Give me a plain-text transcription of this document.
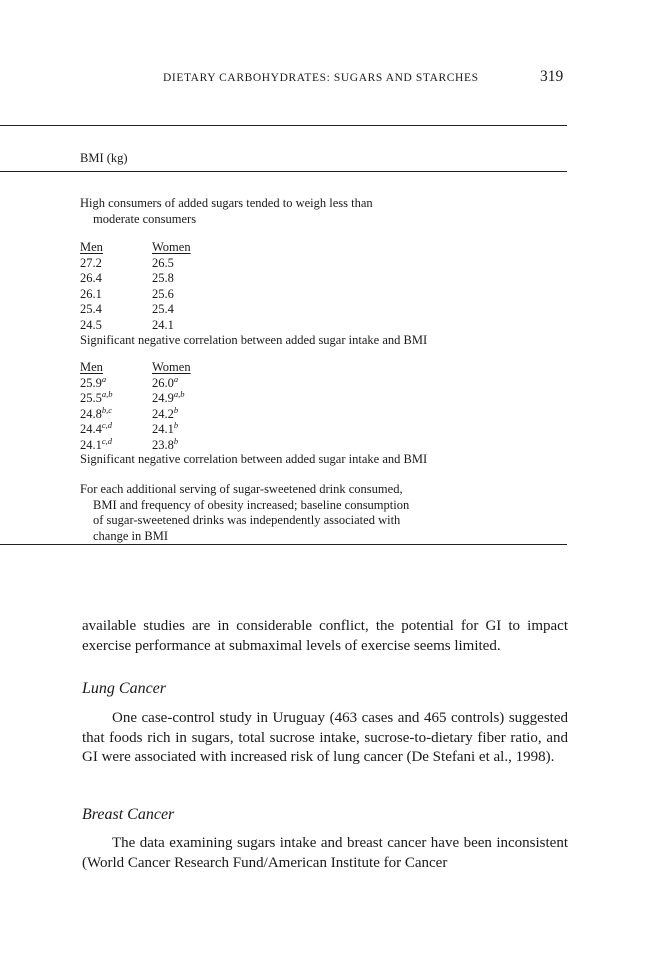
DIETARY CARBOHYDRATES: SUGARS AND STARCHES	319
BMI (kg)
High consumers of added sugars tended to weigh less than
moderate consumers
Men
27.2
26.4
26.1
25.4
24.5
Women
26.5
25.8
25.6
25.4
24.1
Significant negative correlation between added sugar intake and BMI
Men
25.9$^a$
25.5$^{a,b}$
24.8$^{b,c}$
24.4$^{c,d}$
24.1$^{c,d}$
Women
26.0$^a$
24.9$^{a,b}$
24.2$^b$
24.1$^b$
23.8$^b$
Significant negative correlation between added sugar intake and BMI
For each additional serving of sugar-sweetened drink consumed,
BMI and frequency of obesity increased; baseline consumption
of sugar-sweetened drinks was independently associated with
change in BMI

available studies are in considerable conflict, the potential for GI to impact exercise performance at submaximal levels of exercise seems limited.

Lung Cancer

One case-control study in Uruguay (463 cases and 465 controls) suggested that foods rich in sugars, total sucrose intake, sucrose-to-dietary fiber ratio, and GI were associated with increased risk of lung cancer (De Stefani et al., 1998).

Breast Cancer

The data examining sugars intake and breast cancer have been inconsistent (World Cancer Research Fund/American Institute for Cancer
